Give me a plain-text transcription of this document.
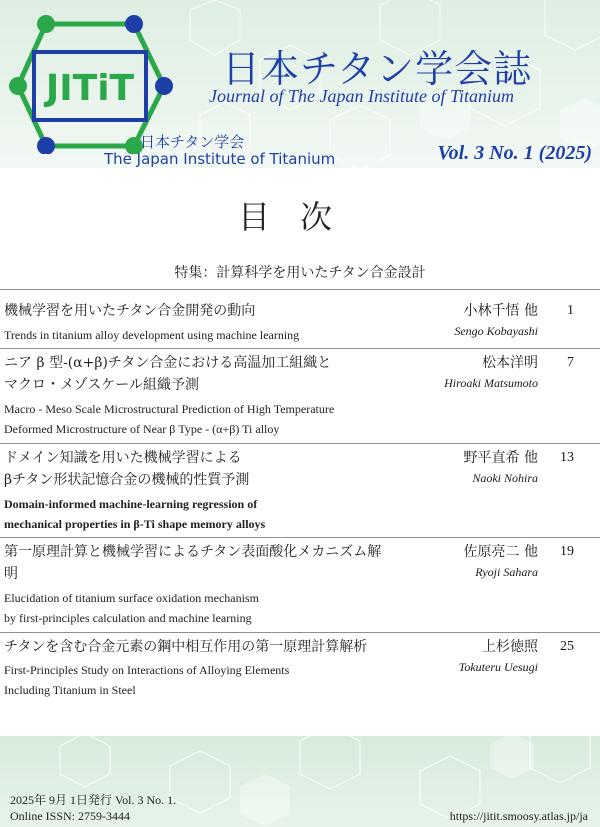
JITiT 日本チタン学会誌
Journal of The Japan Institute of Titanium
日本チタン学会
The Japan Institute of Titanium	Vol. 3 No. 1 (2025)
目次
特集：計算科学を用いたチタン合金設計
機械学習を用いたチタン合金開発の動向
Trends in titanium alloy development using machine learning
小林千悟 他
Sengo Kobayashi
1
ニア β 型-(α+β)チタン合金における高温加工組織と
マクロ・メゾスケール組織予測
Macro - Meso Scale Microstructural Prediction of High Temperature
Deformed Microstructure of Near β Type - (α+β) Ti alloy
松本洋明
Hiroaki Matsumoto
7
ドメイン知識を用いた機械学習による
βチタン形状記憶合金の機械的性質予測
Domain-informed machine-learning regression of
mechanical properties in β-Ti shape memory alloys
野平直希 他
Naoki Nohira
13
第一原理計算と機械学習によるチタン表面酸化メカニズム解
明
Elucidation of titanium surface oxidation mechanism
by first-principles calculation and machine learning
佐原亮二 他
Ryoji Sahara
19
チタンを含む合金元素の鋼中相互作用の第一原理計算解析
First-Principles Study on Interactions of Alloying Elements
Including Titanium in Steel
上杉徳照
Tokuteru Uesugi
25
2025年 9月 1日発行 Vol. 3 No. 1.
Online ISSN: 2759-3444	https://jitit.smoosy.atlas.jp/ja
